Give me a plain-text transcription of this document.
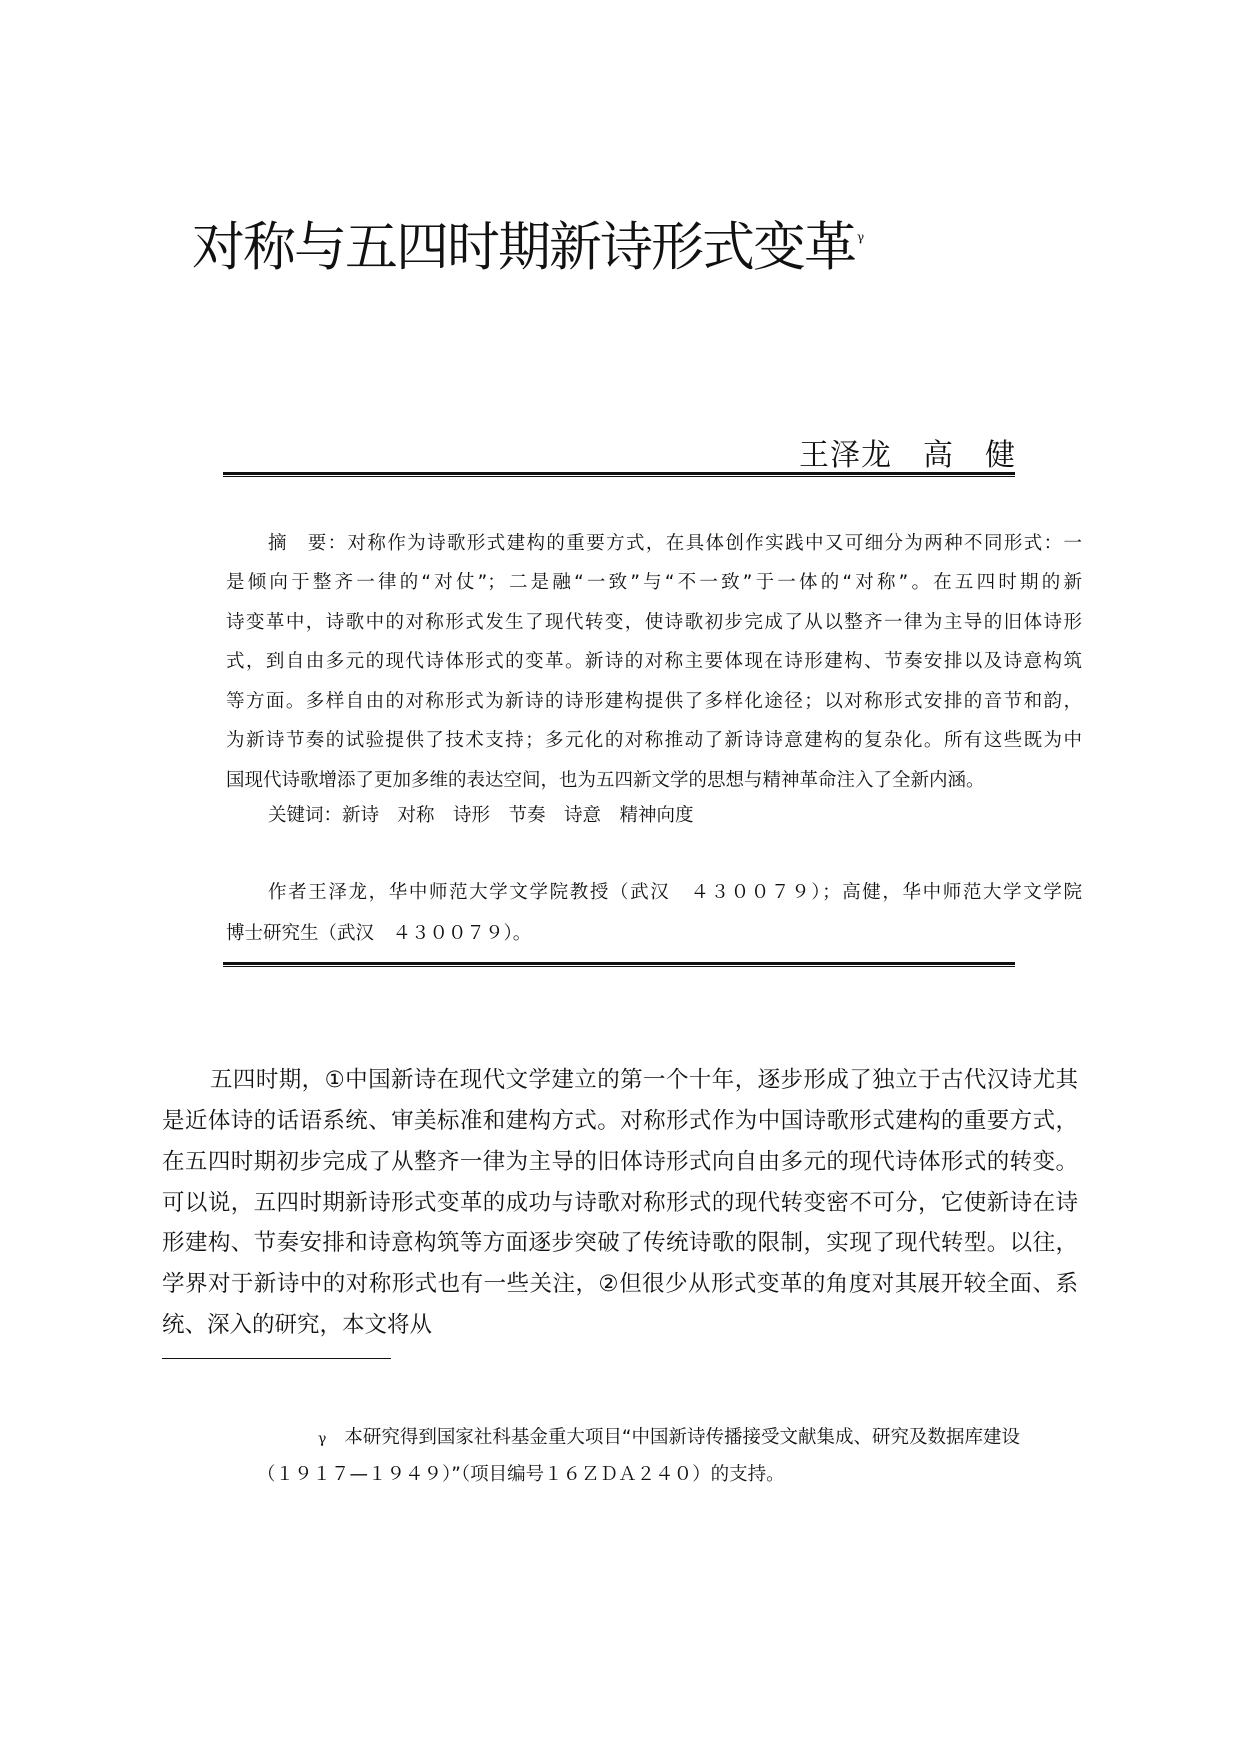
对称与五四时期新诗形式变革 $^\gamma$
王泽龙　高　健
摘　要：对称作为诗歌形式建构的重要方式，在具体创作实践中又可细分为两种不同形式：一
是倾向于整齐一律的“对仗”；二是融“一致”与“不一致”于一体的“对称”。在五四时期的新
诗变革中，诗歌中的对称形式发生了现代转变，使诗歌初步完成了从以整齐一律为主导的旧体诗形
式，到自由多元的现代诗体形式的变革。新诗的对称主要体现在诗形建构、节奏安排以及诗意构筑
等方面。多样自由的对称形式为新诗的诗形建构提供了多样化途径；以对称形式安排的音节和韵，
为新诗节奏的试验提供了技术支持；多元化的对称推动了新诗诗意建构的复杂化。所有这些既为中
国现代诗歌增添了更加多维的表达空间，也为五四新文学的思想与精神革命注入了全新内涵。
关键词：新诗　对称　诗形　节奏　诗意　精神向度
作者王泽龙，华中师范大学文学院教授（武汉　４３００７９）；高健，华中师范大学文学院
博士研究生（武汉　４３００７９）。
五四时期，①中国新诗在现代文学建立的第一个十年，逐步形成了独立于古代汉诗尤其
是近体诗的话语系统、审美标准和建构方式。对称形式作为中国诗歌形式建构的重要方式，
在五四时期初步完成了从整齐一律为主导的旧体诗形式向自由多元的现代诗体形式的转变。
可以说，五四时期新诗形式变革的成功与诗歌对称形式的现代转变密不可分，它使新诗在诗
形建构、节奏安排和诗意构筑等方面逐步突破了传统诗歌的限制，实现了现代转型。以往，
学界对于新诗中的对称形式也有一些关注，②但很少从形式变革的角度对其展开较全面、系
统、深入的研究，本文将从
γ 本研究得到国家社科基金重大项目“中国新诗传播接受文献集成、研究及数据库建设
（１９１７—１９４９）”（项目编号１６ＺＤＡ２４０）的支持。
